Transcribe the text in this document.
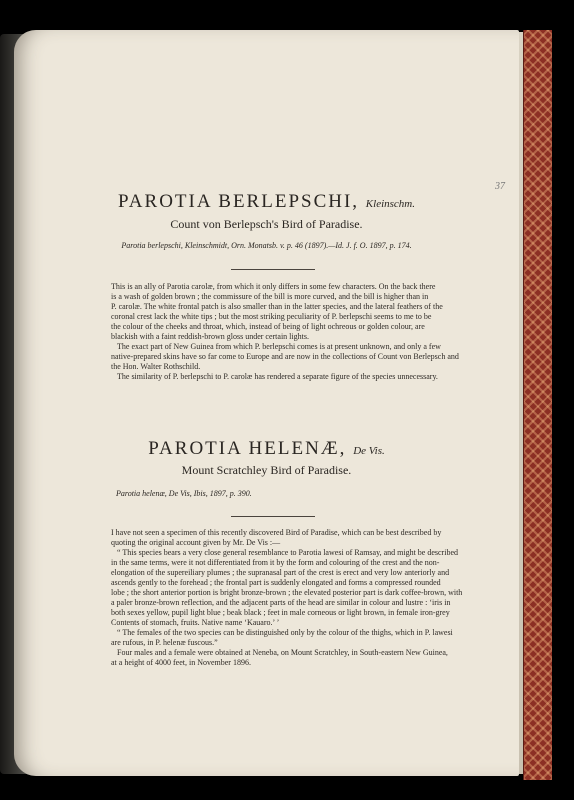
37
PAROTIA BERLEPSCHI, Kleinschm.
Count von Berlepsch's Bird of Paradise.
Parotia berlepschi, Kleinschmidt, Orn. Monatsb. v. p. 46 (1897).—Id. J. f. O. 1897, p. 174.
This is an ally of Parotia carolæ, from which it only differs in some few characters. On the back there
is a wash of golden brown ; the commissure of the bill is more curved, and the bill is higher than in
P. carolæ. The white frontal patch is also smaller than in the latter species, and the lateral feathers of the
coronal crest lack the white tips ; but the most striking peculiarity of P. berlepschi seems to me to be
the colour of the cheeks and throat, which, instead of being of light ochreous or golden colour, are
blackish with a faint reddish-brown gloss under certain lights.
The exact part of New Guinea from which P. berlepschi comes is at present unknown, and only a few
native-prepared skins have so far come to Europe and are now in the collections of Count von Berlepsch and
the Hon. Walter Rothschild.
The similarity of P. berlepschi to P. carolæ has rendered a separate figure of the species unnecessary.
PAROTIA HELENÆ, De Vis.
Mount Scratchley Bird of Paradise.
Parotia helenæ, De Vis, Ibis, 1897, p. 390.
I have not seen a specimen of this recently discovered Bird of Paradise, which can be best described by
quoting the original account given by Mr. De Vis :—
“ This species bears a very close general resemblance to Parotia lawesi of Ramsay, and might be described
in the same terms, were it not differentiated from it by the form and colouring of the crest and the non-
elongation of the supereiliary plumes ; the supranasal part of the crest is erect and very low anteriorly and
ascends gently to the forehead ; the frontal part is suddenly elongated and forms a compressed rounded
lobe ; the short anterior portion is bright bronze-brown ; the elevated posterior part is dark coffee-brown, with
a paler bronze-brown reflection, and the adjacent parts of the head are similar in colour and lustre : ‘iris in
both sexes yellow, pupil light blue ; beak black ; feet in male corneous or light brown, in female iron-grey
Contents of stomach, fruits. Native name ‘Kauaro.’ ’
“ The females of the two species can be distinguished only by the colour of the thighs, which in P. lawesi
are rufous, in P. helenæ fuscous.”
Four males and a female were obtained at Neneba, on Mount Scratchley, in South-eastern New Guinea,
at a height of 4000 feet, in November 1896.
